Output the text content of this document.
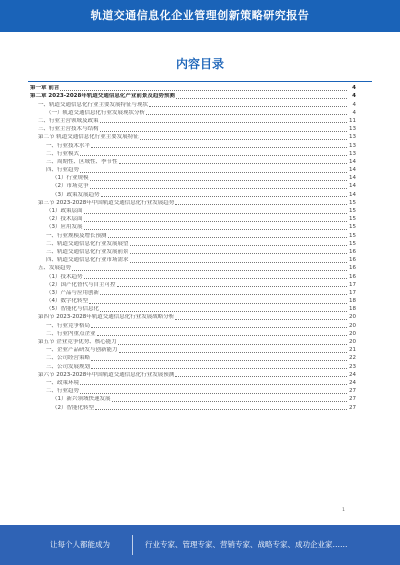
轨道交通信息化企业管理创新策略研究报告
内容目录
第一章 前言	4
第二章 2023-2028年轨道交通信息化产业前景及趋势预测	4
一、轨道交通信息化行业主要发展特征与现状	4
（一）轨道交通信息化行业发展现状分析	4
二、行业主营领域及政策	11
三、行业主营技术与结构	13
第二节 轨道交通信息化行业主要发展特征	13
一、行业技术水平	13
二、行业模式	13
三、周期性、区域性、季节性	14
四、行业趋势	14
（1）行业规模	14
（2）市场竞争	14
（3）政策发展趋势	14
第三节 2023-2028年中国轨道交通信息化行业发展趋势	15
（1）政策层面	15
（2）技术层面	15
（3）应用发展	15
一、行业规模及增长预测	15
二、轨道交通信息化行业发展展望	15
三、轨道交通信息化行业发展前景	16
四、轨道交通信息化行业市场需求	16
五、发展趋势	16
（1）技术趋势	16
（2）国产化替代与自主可控	17
（3）产品与应用创新	17
（4）数字化转型	18
（5）智能化与信息化	18
第四节 2023-2028年轨道交通信息化行业发展战略分析	20
一、行业竞争格局	20
二、行业内重点企业	20
第五节 企业竞争优势、核心能力	20
一、企业产品研发与创新能力	21
二、公司经营策略	22
三、公司发展规划	23
第六节 2023-2028年中国轨道交通信息化行业发展预测	24
一、政策环境	24
二、行业趋势	27
（1）新兴领域快速发展	27
（2）智能化转型	27
1
让每个人都能成为	行业专家、管理专家、营销专家、战略专家、成功企业家……
